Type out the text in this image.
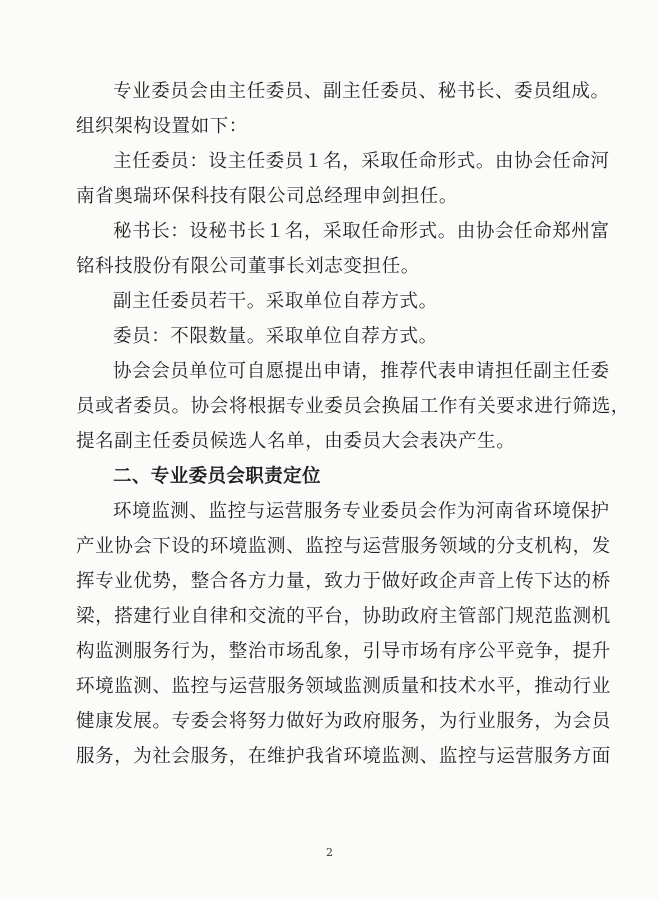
专业委员会由主任委员、副主任委员、秘书长、委员组成。
组织架构设置如下：

主任委员：设主任委员１名，采取任命形式。由协会任命河
南省奥瑞环保科技有限公司总经理申剑担任。

秘书长：设秘书长１名，采取任命形式。由协会任命郑州富
铭科技股份有限公司董事长刘志变担任。

副主任委员若干。采取单位自荐方式。

委员：不限数量。采取单位自荐方式。

协会会员单位可自愿提出申请，推荐代表申请担任副主任委
员或者委员。协会将根据专业委员会换届工作有关要求进行筛选，
提名副主任委员候选人名单，由委员大会表决产生。

二、专业委员会职责定位

环境监测、监控与运营服务专业委员会作为河南省环境保护
产业协会下设的环境监测、监控与运营服务领域的分支机构，发
挥专业优势，整合各方力量，致力于做好政企声音上传下达的桥
梁，搭建行业自律和交流的平台，协助政府主管部门规范监测机
构监测服务行为，整治市场乱象，引导市场有序公平竞争，提升
环境监测、监控与运营服务领域监测质量和技术水平，推动行业
健康发展。专委会将努力做好为政府服务，为行业服务，为会员
服务，为社会服务，在维护我省环境监测、监控与运营服务方面

2
